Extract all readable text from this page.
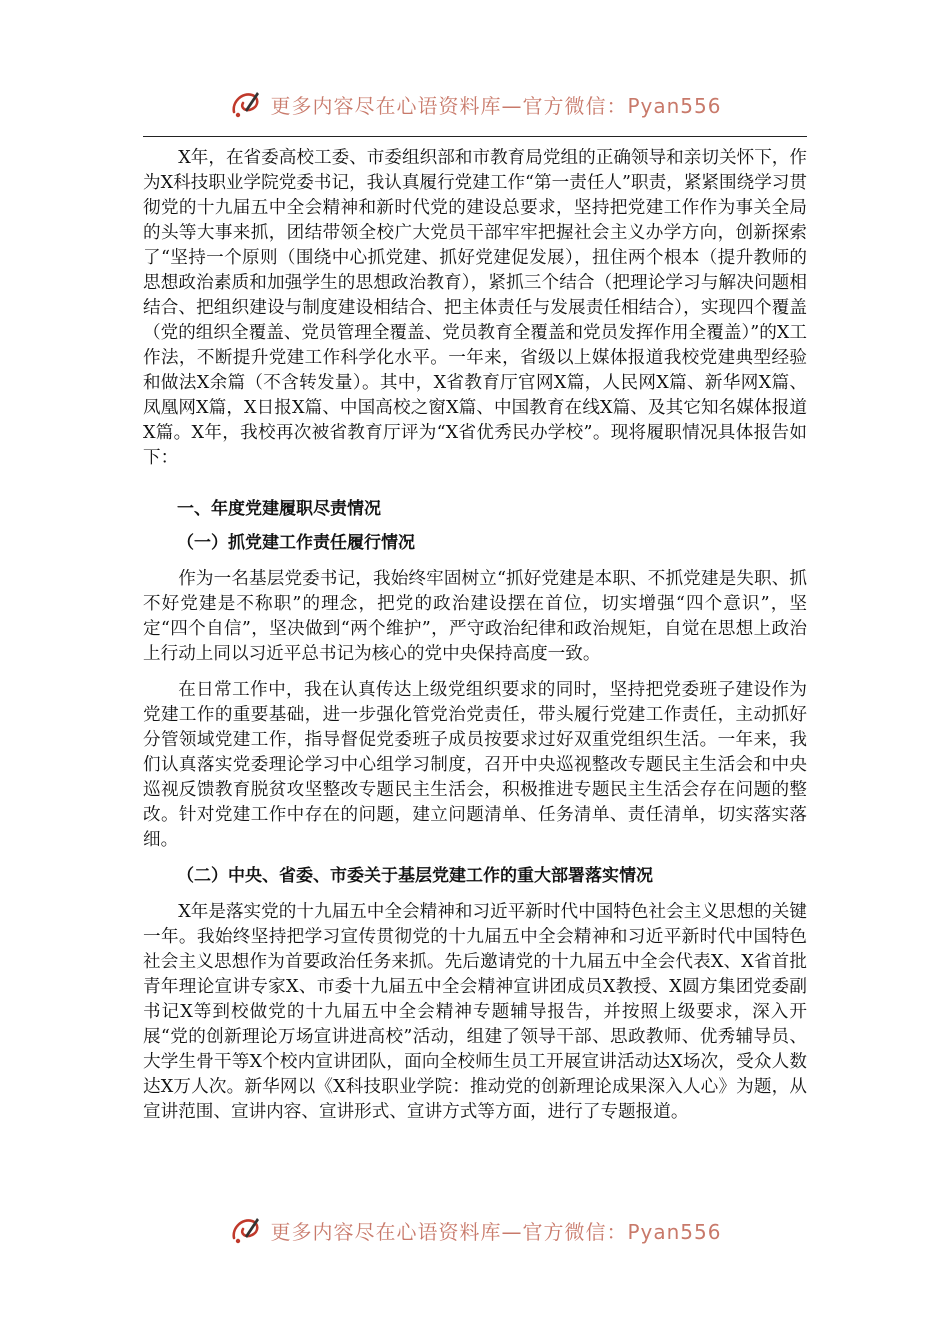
更多内容尽在心语资料库—官方微信：Pyan556

X年，在省委高校工委、市委组织部和市教育局党组的正确领导和亲切关怀下，作为X科技职业学院党委书记，我认真履行党建工作“第一责任人”职责，紧紧围绕学习贯彻党的十九届五中全会精神和新时代党的建设总要求，坚持把党建工作作为事关全局的头等大事来抓，团结带领全校广大党员干部牢牢把握社会主义办学方向，创新探索了“坚持一个原则（围绕中心抓党建、抓好党建促发展），扭住两个根本（提升教师的思想政治素质和加强学生的思想政治教育），紧抓三个结合（把理论学习与解决问题相结合、把组织建设与制度建设相结合、把主体责任与发展责任相结合），实现四个覆盖（党的组织全覆盖、党员管理全覆盖、党员教育全覆盖和党员发挥作用全覆盖）”的X工作法，不断提升党建工作科学化水平。一年来，省级以上媒体报道我校党建典型经验和做法X余篇（不含转发量）。其中，X省教育厅官网X篇，人民网X篇、新华网X篇、凤凰网X篇，X日报X篇、中国高校之窗X篇、中国教育在线X篇、及其它知名媒体报道X篇。X年，我校再次被省教育厅评为“X省优秀民办学校”。现将履职情况具体报告如下：

一、年度党建履职尽责情况
（一）抓党建工作责任履行情况

作为一名基层党委书记，我始终牢固树立“抓好党建是本职、不抓党建是失职、抓不好党建是不称职”的理念，把党的政治建设摆在首位，切实增强“四个意识”，坚定“四个自信”，坚决做到“两个维护”，严守政治纪律和政治规矩，自觉在思想上政治上行动上同以习近平总书记为核心的党中央保持高度一致。

在日常工作中，我在认真传达上级党组织要求的同时，坚持把党委班子建设作为党建工作的重要基础，进一步强化管党治党责任，带头履行党建工作责任，主动抓好分管领域党建工作，指导督促党委班子成员按要求过好双重党组织生活。一年来，我们认真落实党委理论学习中心组学习制度，召开中央巡视整改专题民主生活会和中央巡视反馈教育脱贫攻坚整改专题民主生活会，积极推进专题民主生活会存在问题的整改。针对党建工作中存在的问题，建立问题清单、任务清单、责任清单，切实落实落细。

（二）中央、省委、市委关于基层党建工作的重大部署落实情况

X年是落实党的十九届五中全会精神和习近平新时代中国特色社会主义思想的关键一年。我始终坚持把学习宣传贯彻党的十九届五中全会精神和习近平新时代中国特色社会主义思想作为首要政治任务来抓。先后邀请党的十九届五中全会代表X、X省首批青年理论宣讲专家X、市委十九届五中全会精神宣讲团成员X教授、X圆方集团党委副书记X等到校做党的十九届五中全会精神专题辅导报告，并按照上级要求，深入开展“党的创新理论万场宣讲进高校”活动，组建了领导干部、思政教师、优秀辅导员、大学生骨干等X个校内宣讲团队，面向全校师生员工开展宣讲活动达X场次，受众人数达X万人次。新华网以《X科技职业学院：推动党的创新理论成果深入人心》为题，从宣讲范围、宣讲内容、宣讲形式、宣讲方式等方面，进行了专题报道。

更多内容尽在心语资料库—官方微信：Pyan556
